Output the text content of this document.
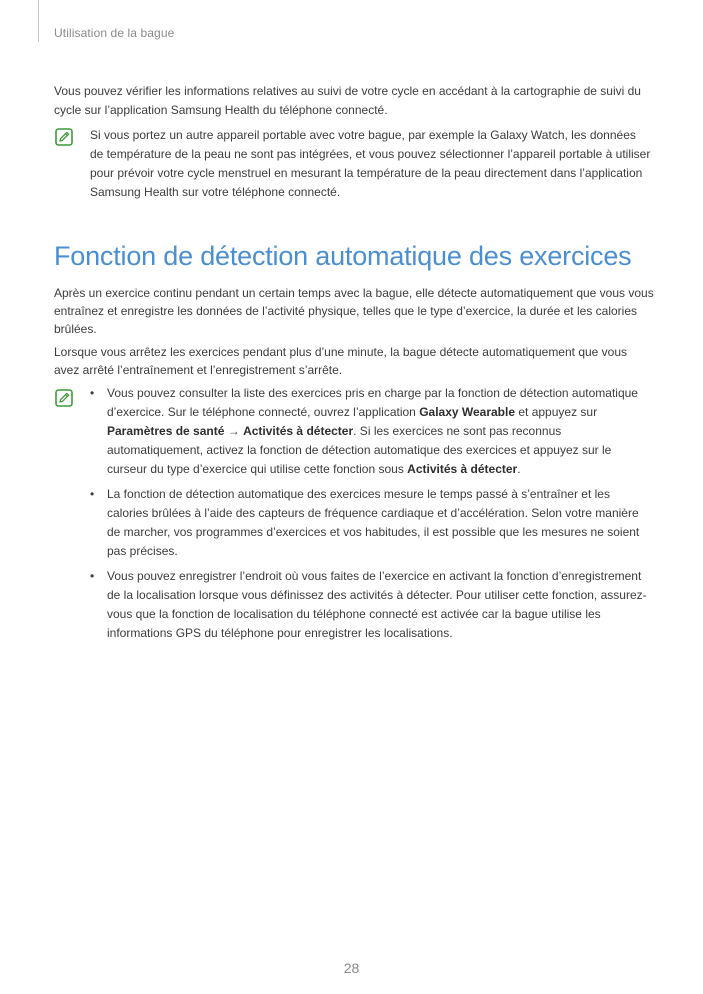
Utilisation de la bague

Vous pouvez vérifier les informations relatives au suivi de votre cycle en accédant à la cartographie de suivi du cycle sur l’application Samsung Health du téléphone connecté.

Si vous portez un autre appareil portable avec votre bague, par exemple la Galaxy Watch, les données de température de la peau ne sont pas intégrées, et vous pouvez sélectionner l’appareil portable à utiliser pour prévoir votre cycle menstruel en mesurant la température de la peau directement dans l’application Samsung Health sur votre téléphone connecté.

Fonction de détection automatique des exercices

Après un exercice continu pendant un certain temps avec la bague, elle détecte automatiquement que vous vous entraînez et enregistre les données de l’activité physique, telles que le type d’exercice, la durée et les calories brûlées.

Lorsque vous arrêtez les exercices pendant plus d’une minute, la bague détecte automatiquement que vous avez arrêté l’entraînement et l’enregistrement s’arrête.

• Vous pouvez consulter la liste des exercices pris en charge par la fonction de détection automatique d’exercice. Sur le téléphone connecté, ouvrez l’application Galaxy Wearable et appuyez sur Paramètres de santé → Activités à détecter. Si les exercices ne sont pas reconnus automatiquement, activez la fonction de détection automatique des exercices et appuyez sur le curseur du type d’exercice qui utilise cette fonction sous Activités à détecter.
• La fonction de détection automatique des exercices mesure le temps passé à s’entraîner et les calories brûlées à l’aide des capteurs de fréquence cardiaque et d’accélération. Selon votre manière de marcher, vos programmes d’exercices et vos habitudes, il est possible que les mesures ne soient pas précises.
• Vous pouvez enregistrer l’endroit où vous faites de l’exercice en activant la fonction d’enregistrement de la localisation lorsque vous définissez des activités à détecter. Pour utiliser cette fonction, assurez-vous que la fonction de localisation du téléphone connecté est activée car la bague utilise les informations GPS du téléphone pour enregistrer les localisations.
28
